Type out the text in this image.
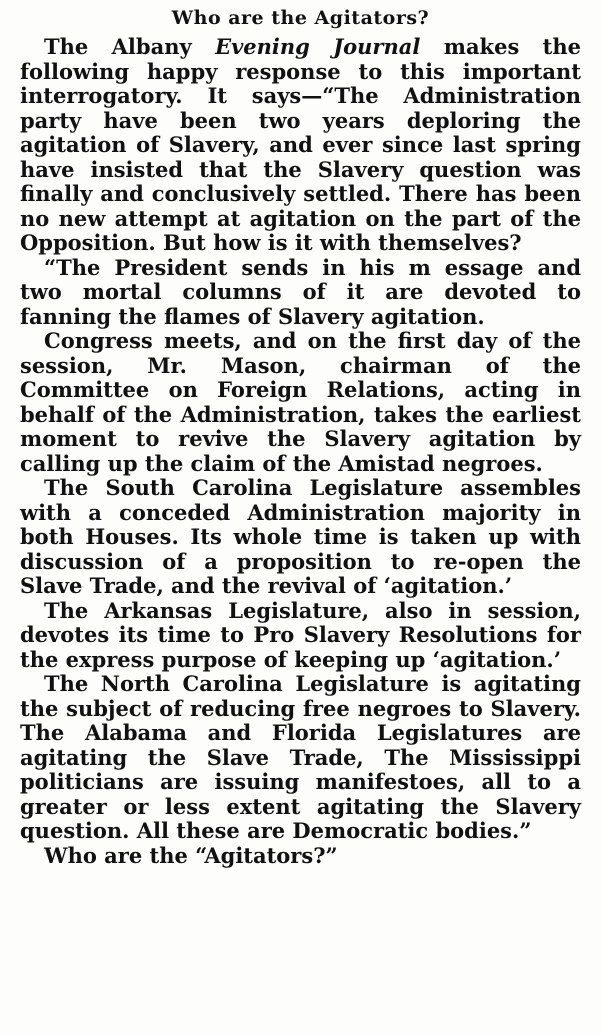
Who are the Agitators?

The Albany Evening Journal makes the following happy response to this important interrogatory. It says—“The Administration party have been two years deploring the agitation of Slavery, and ever since last spring have insisted that the Slavery question was finally and conclusively settled. There has been no new attempt at agitation on the part of the Opposition. But how is it with themselves?

“The President sends in his m essage and two mortal columns of it are devoted to fanning the flames of Slavery agitation.

Congress meets, and on the first day of the session, Mr. Mason, chairman of the Committee on Foreign Relations, acting in behalf of the Administration, takes the earliest moment to revive the Slavery agitation by calling up the claim of the Amistad negroes.

The South Carolina Legislature assembles with a conceded Administration majority in both Houses. Its whole time is taken up with discussion of a proposition to re-open the Slave Trade, and the revival of ‘agitation.’

The Arkansas Legislature, also in session, devotes its time to Pro Slavery Resolutions for the express purpose of keeping up ‘agitation.’

The North Carolina Legislature is agitating the subject of reducing free negroes to Slavery. The Alabama and Florida Legislatures are agitating the Slave Trade, The Mississippi politicians are issuing manifestoes, all to a greater or less extent agitating the Slavery question. All these are Democratic bodies.”

Who are the “Agitators?”
